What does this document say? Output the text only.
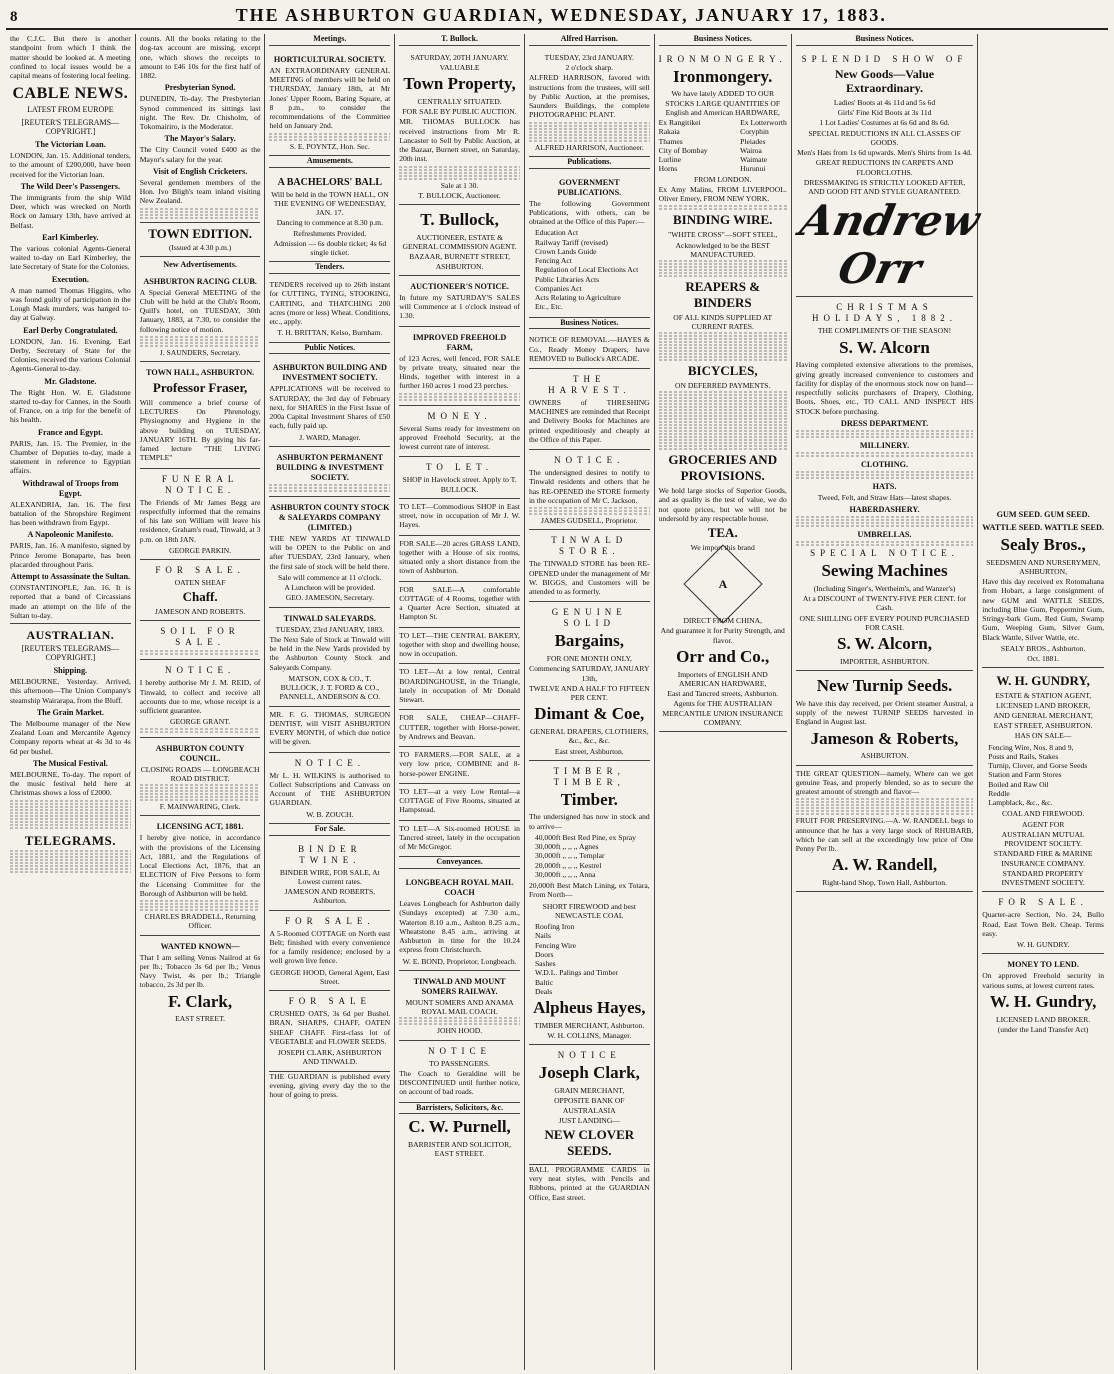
8	THE ASHBURTON GUARDIAN, WEDNESDAY, JANUARY 17, 1883.
the C.J.C. But there is another standpoint from which I think the matter should be looked at. A meeting confined to local issues would be a capital means of fostering local feeling.
CABLE NEWS.
LATEST FROM EUROPE
[REUTER'S TELEGRAMS—COPYRIGHT.]
The Victorian Loan.
LONDON, Jan. 15. Additional tenders, to the amount of £200,000, have been received for the Victorian loan.
The Wild Deer's Passengers.
The immigrants from the ship Wild Deer, which was wrecked on North Rock on January 13th, have arrived at Belfast.
Earl Kimberley.
The various colonial Agents-General waited to-day on Earl Kimberley, the late Secretary of State for the Colonies.
Execution.
A man named Thomas Higgins, who was found guilty of participation in the Lough Mask murders, was hanged to-day at Galway.
Earl Derby Congratulated.
LONDON, Jan. 16. Evening. Earl Derby, Secretary of State for the Colonies, received the various Colonial Agents-General to-day.
Mr. Gladstone.
The Right Hon. W. E. Gladstone started to-day for Cannes, in the South of France, on a trip for the benefit of his health.
France and Egypt.
PARIS, Jan. 15. The Premier, in the Chamber of Deputies to-day, made a statement in reference to Egyptian affairs.
Withdrawal of Troops from Egypt.
ALEXANDRIA, Jan. 16. The first battalion of the Shropshire Regiment has been withdrawn from Egypt.
A Napoleonic Manifesto.
PARIS, Jan. 16. A manifesto, signed by Prince Jerome Bonaparte, has been placarded throughout Paris.
Attempt to Assassinate the Sultan.
CONSTANTINOPLE, Jan. 16. It is reported that a band of Circassians made an attempt on the life of the Sultan to-day.
AUSTRALIAN.
[REUTER'S TELEGRAMS—COPYRIGHT.]
Shipping.
MELBOURNE, Yesterday. Arrived, this afternoon—The Union Company's steamship Wairarapa, from the Bluff.
The Grain Market.
The Melbourne manager of the New Zealand Loan and Mercantile Agency Company reports wheat at 4s 3d to 4s 6d per bushel.
The Musical Festival.
MELBOURNE, To-day. The report of the music festival held here at Christmas shows a loss of £2000.
TELEGRAMS.
counts. All the books relating to the dog-tax account are missing, except one, which shows the receipts to amount to £46 10s for the first half of 1882.
Presbyterian Synod.
DUNEDIN, To-day. The Presbyterian Synod commenced its sittings last night. The Rev. Dr. Chisholm, of Tokomairiro, is the Moderator.
The Mayor's Salary.
The City Council voted £400 as the Mayor's salary for the year.
Visit of English Cricketers.
Several gentlemen members of the Hon. Ivo Bligh's team inland visiting New Zealand.
TOWN EDITION.
(Issued at 4.30 p.m.)
New Advertisements.
ASHBURTON RACING CLUB.
A Special General MEETING of the Club will be held at the Club's Room, Quill's hotel, on TUESDAY, 30th January, 1883, at 7.30, to consider the following notice of motion.
J. SAUNDERS, Secretary.
TOWN HALL, ASHBURTON.
Professor Fraser,
Will commence a brief course of LECTURES On Phrenology, Physiognomy and Hygiene in the above building on TUESDAY, JANUARY 16TH. By giving his far-famed lecture "THE LIVING TEMPLE"
FUNERAL NOTICE.
The Friends of Mr James Begg are respectfully informed that the remains of his late son William will leave his residence, Graham's road, Tinwald, at 3 p.m. on 18th JAN.
GEORGE PARKIN.
FOR SALE.
OATEN SHEAF
Chaff.
JAMESON AND ROBERTS.
SOIL FOR SALE.
NOTICE.
I hereby authorise Mr J. M. REID, of Tinwald, to collect and receive all accounts due to me, whose receipt is a sufficient guarantee.
GEORGE GRANT.
ASHBURTON COUNTY COUNCIL.
CLOSING ROADS — LONGBEACH ROAD DISTRICT.
F. MAINWARING, Clerk.
LICENSING ACT, 1881.
I hereby give notice, in accordance with the provisions of the Licensing Act, 1881, and the Regulations of Local Elections Act, 1876, that an ELECTION of Five Persons to form the Licensing Committee for the Borough of Ashburton will be held.
CHARLES BRADDELL, Returning Officer.
WANTED KNOWN—
That I am selling Venus Nailrod at 6s per lb.; Tobacco 3s 6d per lb.; Venus Navy Twist, 4s per lb.; Triangle tobacco, 2s 3d per lb.
F. Clark,
EAST STREET.
Meetings.
HORTICULTURAL SOCIETY.
AN EXTRAORDINARY GENERAL MEETING of members will be held on THURSDAY, January 18th, at Mr Jones' Upper Room, Baring Square, at 8 p.m., to consider the recommendations of the Committee held on January 2nd.
S. E. POYNTZ, Hon. Sec.
Amusements.
A BACHELORS' BALL
Will be held in the TOWN HALL, ON THE EVENING OF WEDNESDAY, JAN. 17.
Dancing to commence at 8.30 p.m.
Refreshments Provided.
Admission — 6s double ticket; 4s 6d single ticket.
Tenders.
TENDERS received up to 26th instant for CUTTING, TYING, STOOKING, CARTING, and THATCHING 200 acres (more or less) Wheat. Conditions, etc., apply.
T. H. BRITTAN, Kelso, Burnham.
Public Notices.
ASHBURTON BUILDING AND INVESTMENT SOCIETY.
APPLICATIONS will be received to SATURDAY, the 3rd day of February next, for SHARES in the First Issue of 200a Capital Investment Shares of £50 each, fully paid up.
J. WARD, Manager.
ASHBURTON PERMANENT BUILDING & INVESTMENT SOCIETY.
ASHBURTON COUNTY STOCK & SALEYARDS COMPANY (LIMITED.)
THE NEW YARDS AT TINWALD will be OPEN to the Public on and after TUESDAY, 23rd January, when the first sale of stock will be held there.
Sale will commence at 11 o'clock.
A Luncheon will be provided.
GEO. JAMESON, Secretary.
TINWALD SALEYARDS.
TUESDAY, 23rd JANUARY, 1883.
The Next Sale of Stock at Tinwald will be held in the New Yards provided by the Ashburton County Stock and Saleyards Company.
MATSON, COX & CO., T. BULLOCK, J. T. FORD & CO., PANNELL, ANDERSON & CO.
MR. F. G. THOMAS, SURGEON DENTIST, will VISIT ASHBURTON EVERY MONTH, of which due notice will be given.
NOTICE.
Mr L. H. WILKINS is authorised to Collect Subscriptions and Canvass on Account of THE ASHBURTON GUARDIAN.
W. B. ZOUCH.
For Sale.
BINDER TWINE.
BINDER WIRE, FOR SALE, At Lowest current rates.
JAMESON AND ROBERTS, Ashburton.
FOR SALE.
A 5-Roomed COTTAGE on North east Belt; finished with every convenience for a family residence; enclosed by a well grown live fence.
GEORGE HOOD, General Agent, East Street.
FOR SALE
CRUSHED OATS, 3s 6d per Bushel. BRAN, SHARPS, CHAFF, OATEN SHEAF CHAFF. First-class lot of VEGETABLE and FLOWER SEEDS.
JOSEPH CLARK, ASHBURTON AND TINWALD.
THE GUARDIAN is published every evening, giving every day the to the hour of going to press.
T. Bullock.
SATURDAY, 20TH JANUARY.
VALUABLE
Town Property,
CENTRALLY SITUATED.
FOR SALE BY PUBLIC AUCTION.
MR. THOMAS BULLOCK has received instructions from Mr R. Lancaster to Sell by Public Auction, at the Bazaar, Burnett street, on Saturday, 20th inst.
Sale at 1 30.
T. BULLOCK, Auctioneer.
T. Bullock,
AUCTIONEER, ESTATE & GENERAL COMMISSION AGENT.
BAZAAR, BURNETT STREET, ASHBURTON.
AUCTIONEER'S NOTICE.
In future my SATURDAY'S SALES will Commence at 1 o'clock instead of 1.30.
IMPROVED FREEHOLD FARM,
of 123 Acres, well fenced, FOR SALE by private treaty, situated near the Hinds, together with interest in a further 160 acres 1 rood 23 perches.
MONEY.
Several Sums ready for investment on approved Freehold Security, at the lowest current rate of interest.
TO LET.
SHOP in Havelock street. Apply to T. BULLOCK.
TO LET—Commodious SHOP in East street, now in occupation of Mr J. W. Hayes.
FOR SALE—20 acres GRASS LAND, together with a House of six rooms, situated only a short distance from the town of Ashburton.
FOR SALE—A comfortable COTTAGE of 4 Rooms, together with a Quarter Acre Section, situated at Hampton St.
TO LET—THE CENTRAL BAKERY, together with shop and dwelling house, now in occupation.
TO LET—At a low rental, Central BOARDINGHOUSE, in the Triangle, lately in occupation of Mr Donald Stewart.
FOR SALE, CHEAP—CHAFF-CUTTER, together with Horse-power, by Andrews and Beavan.
TO FARMERS.—FOR SALE, at a very low price, COMBINE and 8-horse-power ENGINE.
TO LET—at a very Low Rental—a COTTAGE of Five Rooms, situated at Hampstead.
TO LET—A Six-roomed HOUSE in Tancred street, lately in the occupation of Mr McGregor.
Conveyances.
LONGBEACH ROYAL MAIL COACH
Leaves Longbeach for Ashburton daily (Sundays excepted) at 7.30 a.m., Waterton 8.10 a.m., Ashton 8.25 a.m., Wheatstone 8.45 a.m., arriving at Ashburton in time for the 10.24 express from Christchurch.
W. E. BOND, Proprietor, Longbeach.
TINWALD AND MOUNT SOMERS RAILWAY.
MOUNT SOMERS AND ANAMA ROYAL MAIL COACH.
JOHN HOOD.
NOTICE
TO PASSENGERS.
The Coach to Geraldine will be DISCONTINUED until further notice, on account of bad roads.
Barristers, Solicitors, &c.
C. W. Purnell,
BARRISTER AND SOLICITOR, EAST STREET.
Alfred Harrison.
TUESDAY, 23rd JANUARY.
2 o'clock sharp.
ALFRED HARRISON, favored with instructions from the trustees, will sell by Public Auction, at the premises, Saunders Buildings, the complete PHOTOGRAPHIC PLANT.
ALFRED HARRISON, Auctioneer.
Publications.
GOVERNMENT PUBLICATIONS.
The following Government Publications, with others, can be obtained at the Office of this Paper:—
Education Act
Railway Tariff (revised)
Crown Lands Guide
Fencing Act
Regulation of Local Elections Act
Public Libraries Acts
Companies Act
Acts Relating to Agriculture
Etc., Etc.
Business Notices.
NOTICE OF REMOVAL.—HAYES & Co., Ready Money Drapers, have REMOVED to Bullock's ARCADE.
THE HARVEST.
OWNERS of THRESHING MACHINES are reminded that Receipt and Delivery Books for Machines are printed expeditiously and cheaply at the Office of this Paper.
NOTICE.
The undersigned desires to notify to Tinwald residents and others that he has RE-OPENED the STORE formerly in the occupation of Mr C. Jackson.
JAMES GUDSELL, Proprietor.
TINWALD STORE.
The TINWALD STORE has been RE-OPENED under the management of Mr W. BIGGS, and Customers will be attended to as formerly.
GENUINE SOLID
Bargains,
FOR ONE MONTH ONLY,
Commencing SATURDAY, JANUARY 13th,
TWELVE AND A HALF TO FIFTEEN PER CENT.
Dimant & Coe,
GENERAL DRAPERS, CLOTHIERS, &c., &c., &c.
East street, Ashburton.
TIMBER, TIMBER,
Timber.
The undersigned has now in stock and to arrive—
40,000ft Best Red Pine, ex Spray
30,000ft ,, ,, ,, Agnes
30,000ft ,, ,, ,, Templar
20,000ft ,, ,, ,, Kestrel
30,000ft ,, ,, ,, Anna
20,000ft Best Match Lining, ex Totara, From North—
SHORT FIREWOOD and best NEWCASTLE COAL
Roofing Iron
Nails
Fencing Wire
Doors
Sashes
W.D.L. Palings and Timber
Baltic
Deals
Alpheus Hayes,
TIMBER MERCHANT, Ashburton.
W. H. COLLINS, Manager.
NOTICE
Joseph Clark,
GRAIN MERCHANT,
OPPOSITE BANK OF AUSTRALASIA
JUST LANDING—
NEW CLOVER SEEDS.
BALL PROGRAMME CARDS in very neat styles, with Pencils and Ribbons, printed at the GUARDIAN Office, East street.
Business Notices.
IRONMONGERY.
Ironmongery.
We have lately ADDED TO OUR STOCKS LARGE QUANTITIES OF English and American HARDWARE,
Ex Rangitikei
Rakaia
Thames
City of Bombay
Lurline
Horns
Ex Lotterworth
Coryphin
Pleiades
Wairoa
Waimate
Hurunui
FROM LONDON.
Ex Amy Malins, FROM LIVERPOOL. Oliver Emery, FROM NEW YORK.
BINDING WIRE.
"WHITE CROSS"—SOFT STEEL,
Acknowledged to be the BEST MANUFACTURED.
REAPERS & BINDERS
OF ALL KINDS SUPPLIED AT CURRENT RATES.
BICYCLES,
ON DEFERRED PAYMENTS.
GROCERIES AND PROVISIONS.
We hold large stocks of Superior Goods, and as quality is the test of value, we do not quote prices, but we will not be undersold by any respectable house.
TEA.
We import this brand
A
DIRECT FROM CHINA,
And guarantee it for Purity Strength, and flavor.
Orr and Co.,
Importers of ENGLISH AND AMERICAN HARDWARE,
East and Tancred streets, Ashburton.
Agents for THE AUSTRALIAN MERCANTILE UNION INSURANCE COMPANY.
Business Notices.
SPLENDID SHOW OF
New Goods—Value Extraordinary.
Ladies' Boots at 4s 11d and 5s 6d
Girls' Fine Kid Boots at 3s 11d
1 Lot Ladies' Costumes at 6s 6d and 8s 6d.
SPECIAL REDUCTIONS IN ALL CLASSES OF GOODS.
Men's Hats from 1s 6d upwards. Men's Shirts from 1s 4d.
GREAT REDUCTIONS IN CARPETS AND FLOORCLOTHS.
DRESSMAKING IS STRICTLY LOOKED AFTER, AND GOOD FIT AND STYLE GUARANTEED.
Andrew Orr
CHRISTMAS HOLIDAYS, 1882.
THE COMPLIMENTS OF THE SEASON!
S. W. Alcorn
Having completed extensive alterations to the premises, giving greatly increased convenience to customers and facility for display of the enormous stock now on hand—respectfully solicits purchasers of Drapery, Clothing, Boots, Shoes, etc., TO CALL AND INSPECT HIS STOCK before purchasing.
DRESS DEPARTMENT.
MILLINERY.
CLOTHING.
HATS.
Tweed, Felt, and Straw Hats—latest shapes.
HABERDASHERY.
UMBRELLAS.
SPECIAL NOTICE.
Sewing Machines
(Including Singer's, Wertheim's, and Wanzer's)
At a DISCOUNT of TWENTY-FIVE PER CENT. for Cash.
ONE SHILLING OFF EVERY POUND PURCHASED FOR CASH.
S. W. Alcorn,
IMPORTER, ASHBURTON.
New Turnip Seeds.
We have this day received, per Orient steamer Austral, a supply of the newest TURNIP SEEDS harvested in England in August last.
Jameson & Roberts,
ASHBURTON.
THE GREAT QUESTION—namely, Where can we get genuine Teas, and properly blended, so as to secure the greatest amount of strength and flavor—
FRUIT FOR PRESERVING.—A. W. RANDELL begs to announce that he has a very large stock of RHUBARB, which he can sell at the exceedingly low price of One Penny Per lb.
A. W. Randell,
Right-hand Shop, Town Hall, Ashburton.
GUM SEED. GUM SEED.
WATTLE SEED. WATTLE SEED.
Sealy Bros.,
SEEDSMEN AND NURSERYMEN, ASHBURTON,
Have this day received ex Rotomahana from Hobart, a large consignment of new GUM and WATTLE SEEDS, including Blue Gum, Peppermint Gum, Stringy-bark Gum, Red Gum, Swamp Gum, Weeping Gum, Silver Gum, Black Wattle, Silver Wattle, etc.
SEALY BROS., Ashburton.
Oct. 1881.
W. H. GUNDRY,
ESTATE & STATION AGENT, LICENSED LAND BROKER,
AND GENERAL MERCHANT,
EAST STREET, ASHBURTON.
HAS ON SALE—
Fencing Wire, Nos. 8 and 9,
Posts and Rails, Stakes
Turnip, Clover, and Gorse Seeds
Station and Farm Stores
Boiled and Raw Oil
Reddle
Lampblack, &c., &c.
COAL AND FIREWOOD.
AGENT FOR
AUSTRALIAN MUTUAL PROVIDENT SOCIETY.
STANDARD FIRE & MARINE INSURANCE COMPANY.
STANDARD PROPERTY INVESTMENT SOCIETY.
FOR SALE.
Quarter-acre Section, No. 24, Bullo Road, East Town Belt. Cheap. Terms easy.
W. H. GUNDRY.
MONEY TO LEND.
On approved Freehold security in various sums, at lowest current rates.
W. H. Gundry,
LICENSED LAND BROKER.
(under the Land Transfer Act)
